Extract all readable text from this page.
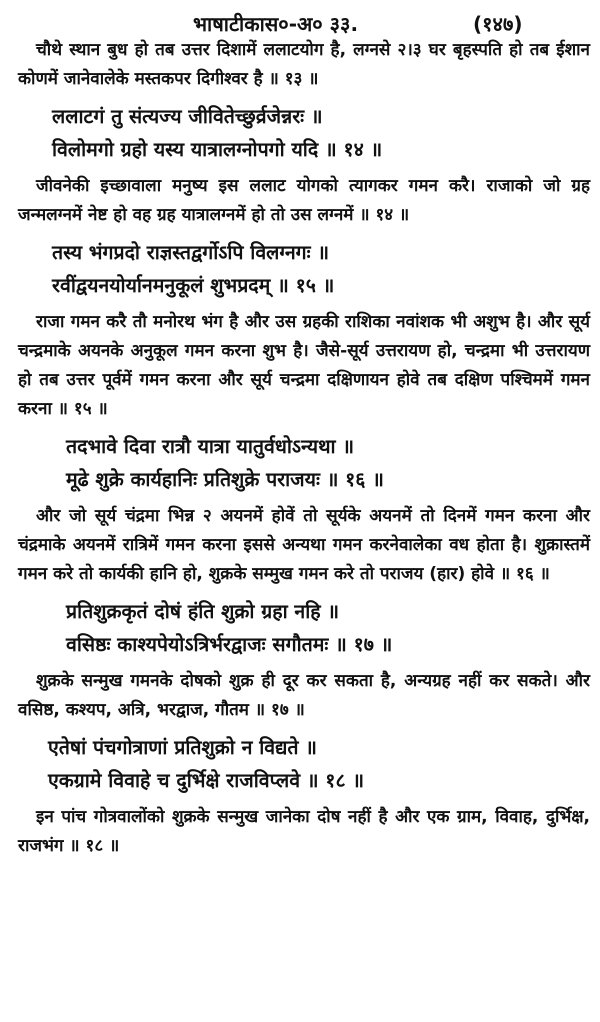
भाषाटीकास०-अ० ३३.	(१४७)

चौथे स्थान बुध हो तब उत्तर दिशामें ललाटयोग है, लग्नसे २।३ घर बृहस्पति हो तब ईशान कोणमें जानेवालेके मस्तकपर दिगीश्वर है ॥ १३ ॥

ललाटगं तु संत्यज्य जीवितेच्छुर्व्रजेन्नरः ॥
विलोमगो ग्रहो यस्य यात्रालग्नोपगो यदि ॥ १४ ॥

जीवनेकी इच्छावाला मनुष्य इस ललाट योगको त्यागकर गमन करै। राजाको जो ग्रह जन्मलग्नमें नेष्ट हो वह ग्रह यात्रालग्नमें हो तो उस लग्नमें ॥ १४ ॥

तस्य भंगप्रदो राज्ञस्तद्वर्गोऽपि विलग्नगः ॥
रवींद्वयनयोर्यानमनुकूलं शुभप्रदम् ॥ १५ ॥

राजा गमन करै तौ मनोरथ भंग है और उस ग्रहकी राशिका नवांशक भी अशुभ है। और सूर्य चन्द्रमाके अयनके अनुकूल गमन करना शुभ है। जैसे-सूर्य उत्तरायण हो, चन्द्रमा भी उत्तरायण हो तब उत्तर पूर्वमें गमन करना और सूर्य चन्द्रमा दक्षिणायन होवे तब दक्षिण पश्चिममें गमन करना ॥ १५ ॥

तदभावे दिवा रात्रौ यात्रा यातुर्वधोऽन्यथा ॥
मूढे शुक्रे कार्यहानिः प्रतिशुक्रे पराजयः ॥ १६ ॥

और जो सूर्य चंद्रमा भिन्न २ अयनमें होवें तो सूर्यके अयनमें तो दिनमें गमन करना और चंद्रमाके अयनमें रात्रिमें गमन करना इससे अन्यथा गमन करनेवालेका वध होता है। शुक्रास्तमें गमन करे तो कार्यकी हानि हो, शुक्रके सम्मुख गमन करे तो पराजय (हार) होवे ॥ १६ ॥

प्रतिशुक्रकृतं दोषं हंति शुक्रो ग्रहा नहि ॥
वसिष्ठः काश्यपेयोऽत्रिर्भरद्वाजः सगौतमः ॥ १७ ॥

शुक्रके सन्मुख गमनके दोषको शुक्र ही दूर कर सकता है, अन्यग्रह नहीं कर सकते। और वसिष्ठ, कश्यप, अत्रि, भरद्वाज, गौतम ॥ १७ ॥

एतेषां पंचगोत्राणां प्रतिशुक्रो न विद्यते ॥
एकग्रामे विवाहे च दुर्भिक्षे राजविप्लवे ॥ १८ ॥

इन पांच गोत्रवालोंको शुक्रके सन्मुख जानेका दोष नहीं है और एक ग्राम, विवाह, दुर्भिक्ष, राजभंग ॥ १८ ॥
